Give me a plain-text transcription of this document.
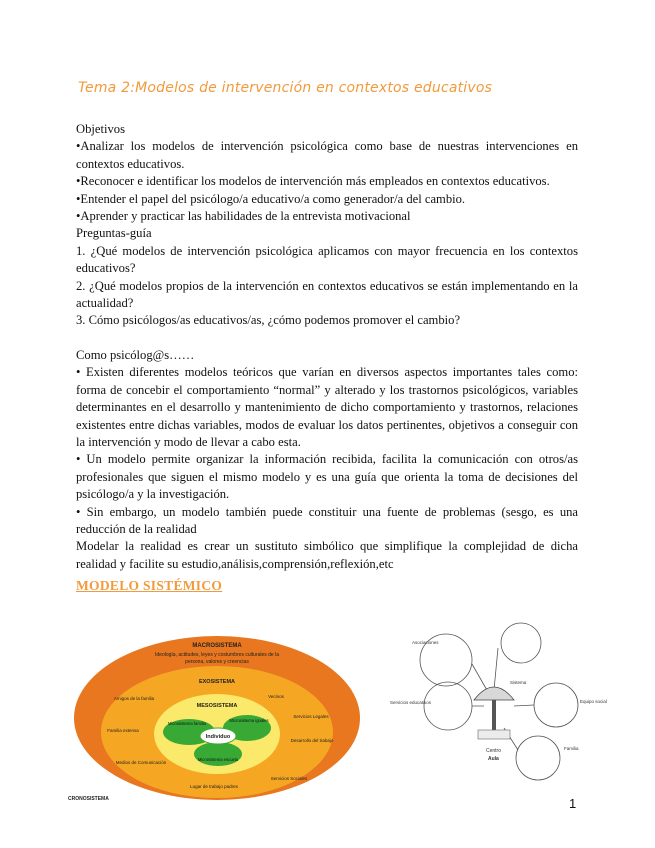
Tema 2:Modelos de intervención en contextos educativos

Objetivos

•Analizar los modelos de intervención psicológica como base de nuestras intervenciones en contextos educativos.

•Reconocer e identificar los modelos de intervención más empleados en contextos educativos.

•Entender el papel del psicólogo/a educativo/a como generador/a del cambio.

•Aprender y practicar las habilidades de la entrevista motivacional

Preguntas-guía

1. ¿Qué modelos de intervención psicológica aplicamos con mayor frecuencia en los contextos educativos?

2. ¿Qué modelos propios de la intervención en contextos educativos se están implementando en la actualidad?

3. Cómo psicólogos/as educativos/as, ¿cómo podemos promover el cambio?

Como psicólog@s……

• Existen diferentes modelos teóricos que varían en diversos aspectos importantes tales como: forma de concebir el comportamiento “normal” y alterado y los trastornos psicológicos, variables determinantes en el desarrollo y mantenimiento de dicho comportamiento y trastornos, relaciones existentes entre dichas variables, modos de evaluar los datos pertinentes, objetivos a conseguir con la intervención y modo de llevar a cabo esta.

• Un modelo permite organizar la información recibida, facilita la comunicación con otros/as profesionales que siguen el mismo modelo y es una guía que orienta la toma de decisiones del psicólogo/a y la investigación.

• Sin embargo, un modelo también puede constituir una fuente de problemas (sesgo, es una reducción de la realidad

Modelar la realidad es crear un sustituto simbólico que simplifique la complejidad de dicha realidad y facilite su estudio,análisis,comprensión,reflexión,etc

MODELO SISTÉMICO
MACROSISTEMA
Ideología, actitudes, leyes y costumbres culturales de la
persona, valores y creencias
EXOSISTEMA
MESOSISTEMA
Individuo
Microsistema familia
Microsistema iguales
Microsistema escuela
Amigos de la familia
Familia extensa
Medios de Comunicación
Lugar de trabajo padres
Servicios Sociales
Desarrollo del trabajo
Servicios Legales
Vecinos
CRONOSISTEMA
Asociaciones
Servicios educativos
Centro
Aula
Familia
Equipo social
Sistema
1
